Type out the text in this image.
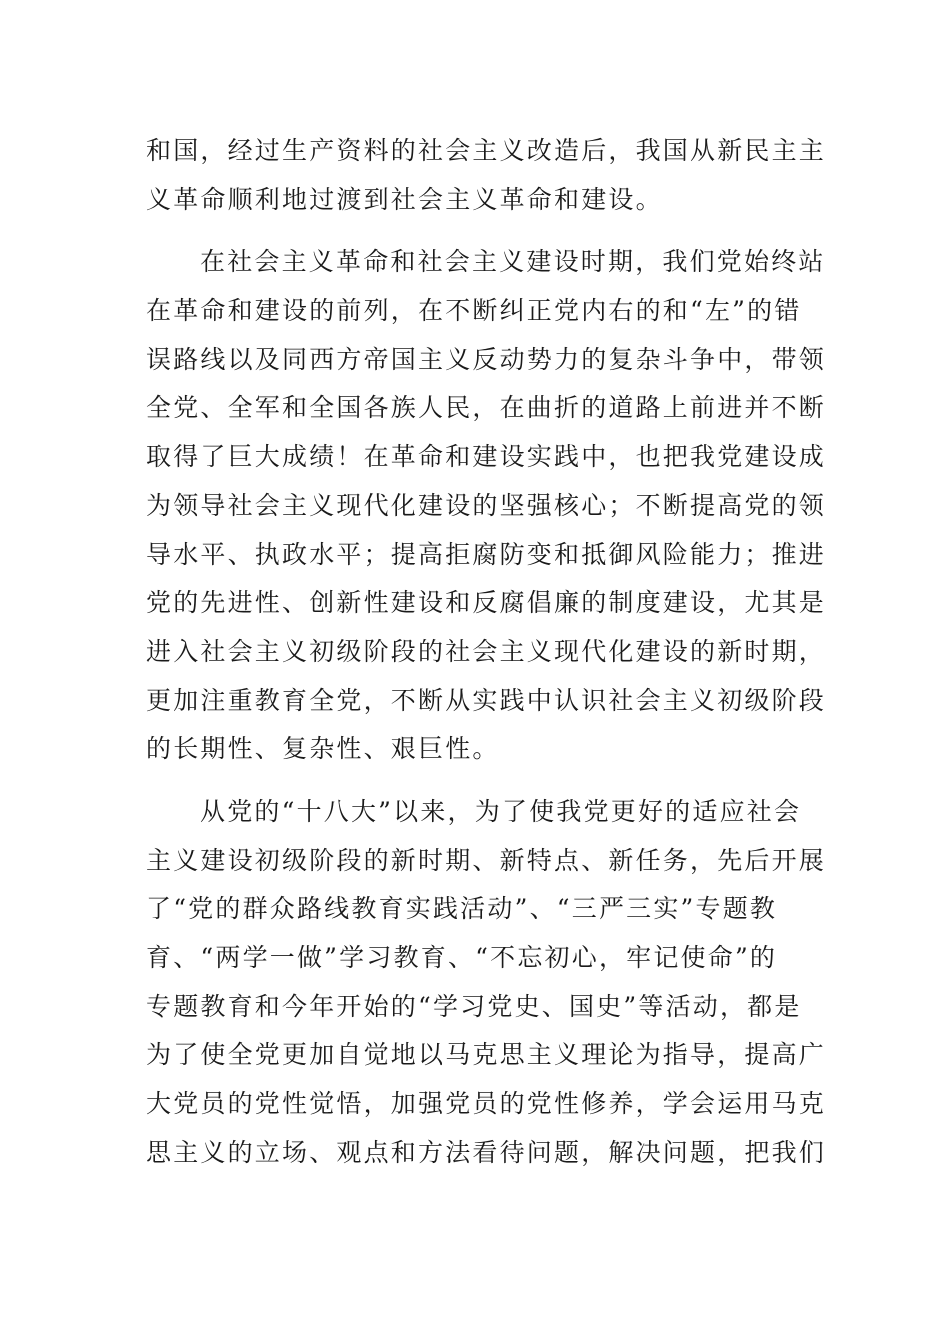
和国，经过生产资料的社会主义改造后，我国从新民主主
义革命顺利地过渡到社会主义革命和建设。
在社会主义革命和社会主义建设时期，我们党始终站
在革命和建设的前列，在不断纠正党内右的和“左”的错
误路线以及同西方帝国主义反动势力的复杂斗争中，带领
全党、全军和全国各族人民，在曲折的道路上前进并不断
取得了巨大成绩！在革命和建设实践中，也把我党建设成
为领导社会主义现代化建设的坚强核心；不断提高党的领
导水平、执政水平；提高拒腐防变和抵御风险能力；推进
党的先进性、创新性建设和反腐倡廉的制度建设，尤其是
进入社会主义初级阶段的社会主义现代化建设的新时期，
更加注重教育全党，不断从实践中认识社会主义初级阶段
的长期性、复杂性、艰巨性。
从党的“十八大”以来，为了使我党更好的适应社会
主义建设初级阶段的新时期、新特点、新任务，先后开展
了“党的群众路线教育实践活动”、“三严三实”专题教
育、“两学一做”学习教育、“不忘初心，牢记使命”的
专题教育和今年开始的“学习党史、国史”等活动，都是
为了使全党更加自觉地以马克思主义理论为指导，提高广
大党员的党性觉悟，加强党员的党性修养，学会运用马克
思主义的立场、观点和方法看待问题，解决问题，把我们
